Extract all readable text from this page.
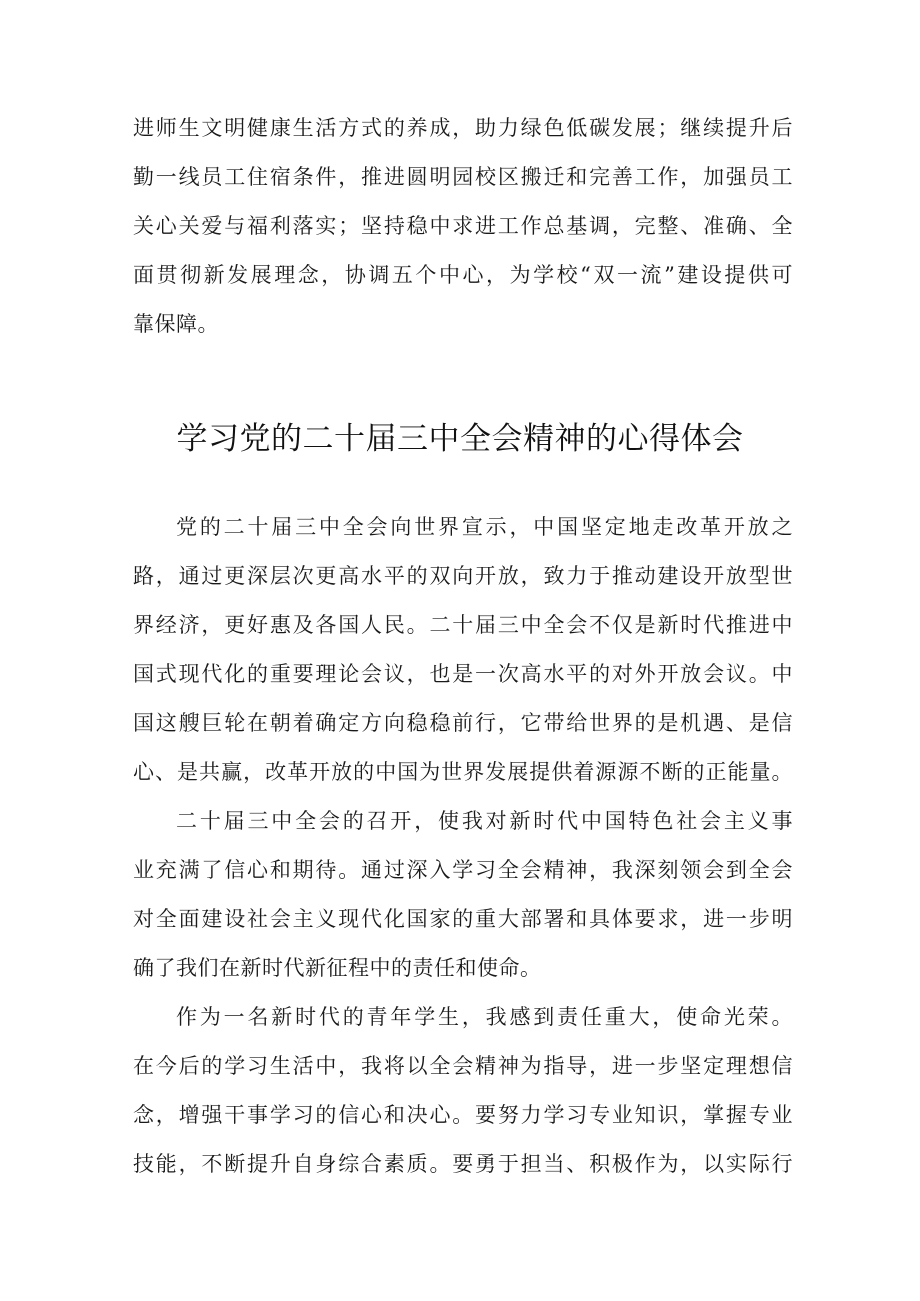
进师生文明健康生活方式的养成，助力绿色低碳发展；继续提升后
勤一线员工住宿条件，推进圆明园校区搬迁和完善工作，加强员工
关心关爱与福利落实；坚持稳中求进工作总基调，完整、准确、全
面贯彻新发展理念，协调五个中心，为学校“双一流”建设提供可
靠保障。
学习党的二十届三中全会精神的心得体会
党的二十届三中全会向世界宣示，中国坚定地走改革开放之
路，通过更深层次更高水平的双向开放，致力于推动建设开放型世
界经济，更好惠及各国人民。二十届三中全会不仅是新时代推进中
国式现代化的重要理论会议，也是一次高水平的对外开放会议。中
国这艘巨轮在朝着确定方向稳稳前行，它带给世界的是机遇、是信
心、是共赢，改革开放的中国为世界发展提供着源源不断的正能量。
二十届三中全会的召开，使我对新时代中国特色社会主义事
业充满了信心和期待。通过深入学习全会精神，我深刻领会到全会
对全面建设社会主义现代化国家的重大部署和具体要求，进一步明
确了我们在新时代新征程中的责任和使命。
作为一名新时代的青年学生，我感到责任重大，使命光荣。
在今后的学习生活中，我将以全会精神为指导，进一步坚定理想信
念，增强干事学习的信心和决心。要努力学习专业知识，掌握专业
技能，不断提升自身综合素质。要勇于担当、积极作为，以实际行
